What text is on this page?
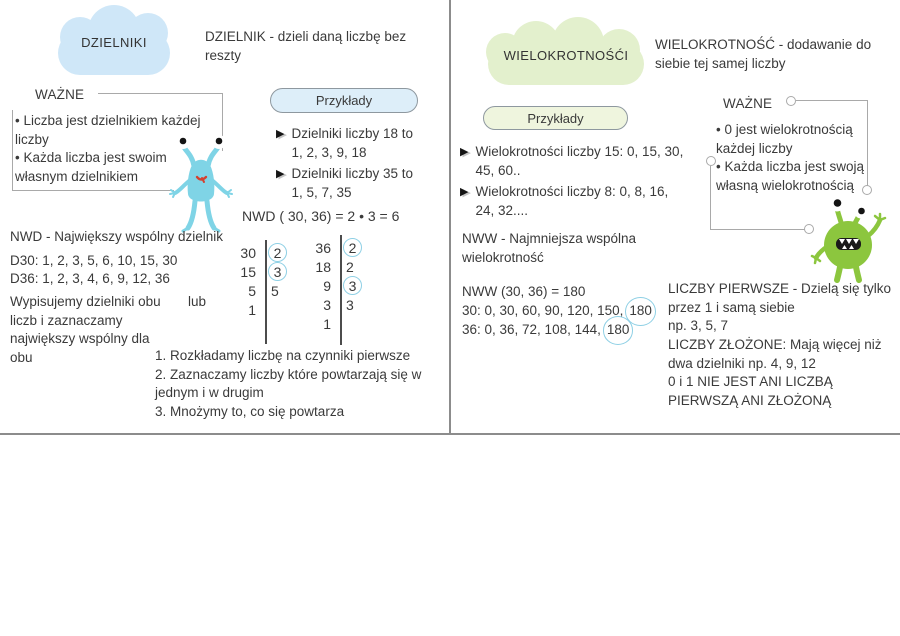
DZIELNIKI	DZIELNIK - dzieli daną liczbę bez reszty
WAŻNE
• Liczba jest dzielnikiem każdej liczby
• Każda liczba jest swoim własnym dzielnikiem
Przykłady
▶ Dzielniki liczby 18 to 1, 2, 3, 9, 18
▶ Dzielniki liczby 35 to 1, 5, 7, 35
NWD ( 30, 36) = 2 • 3 = 6
NWD - Największy wspólny dzielnik
D30: 1, 2, 3, 5, 6, 10, 15, 30
D36: 1, 2, 3, 4, 6, 9, 12, 36
Wypisujemy dzielniki obu liczb i zaznaczamy największy wspólny dla obu
lub
30	2
15	3
5	5
1
36	2
18	2
9	3
3	3
1
1. Rozkładamy liczbę na czynniki pierwsze
2. Zaznaczamy liczby które powtarzają się w jednym i w drugim
3. Mnożymy to, co się powtarza
WIELOKROTNOŚĆI
WIELOKROTNOŚĆ - dodawanie do siebie tej samej liczby
Przykłady
▶ Wielokrotności liczby 15: 0, 15, 30, 45, 60..
▶ Wielokrotności liczby 8: 0, 8, 16, 24, 32....
WAŻNE
• 0 jest wielokrotnością każdej liczby
• Każda liczba jest swoją własną wielokrotnością
NWW - Najmniejsza wspólna wielokrotność
NWW (30, 36) = 180
30: 0, 30, 60, 90, 120, 150, 180
36: 0, 36, 72, 108, 144, 180
LICZBY PIERWSZE - Dzielą się tylko przez 1 i samą siebie
np. 3, 5, 7
LICZBY ZŁOŻONE: Mają więcej niż dwa dzielniki np. 4, 9, 12
0 i 1 NIE JEST ANI LICZBĄ PIERWSZĄ ANI ZŁOŻONĄ
